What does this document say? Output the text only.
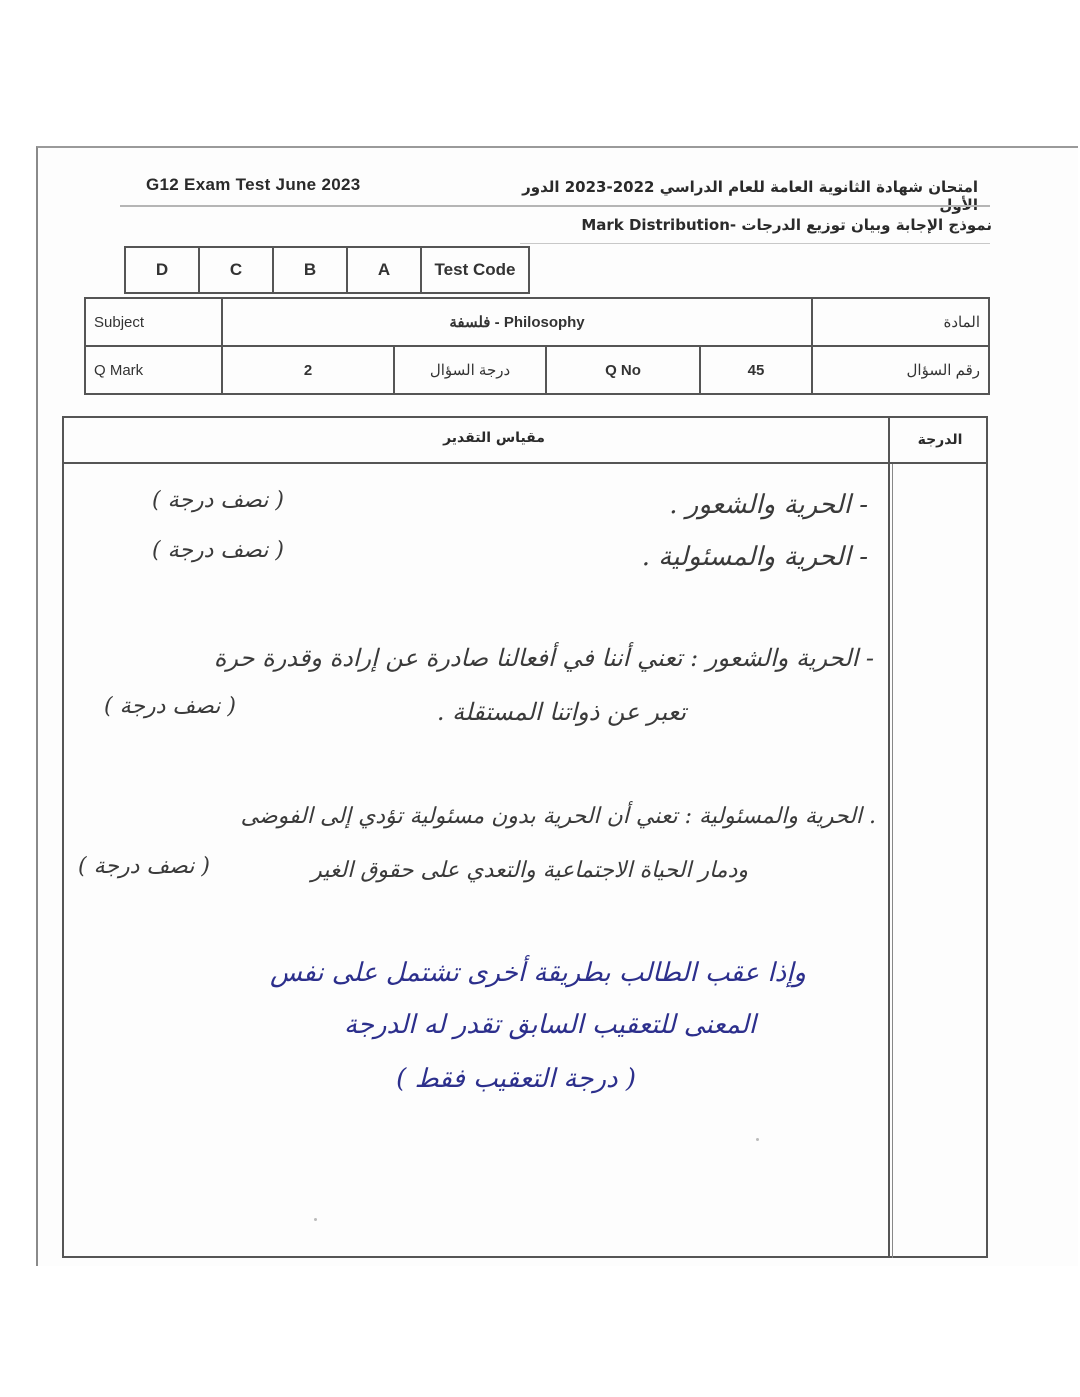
G12 Exam Test June 2023	امتحان شهادة الثانوية العامة للعام الدراسي 2022-2023 الدور الأول
نموذج الإجابة وبيان توزيع الدرجات -Mark Distribution
D	C	B	A	Test Code
Subject	فلسفة - Philosophy				المادة
Q Mark	2	درجة السؤال	Q No	45	رقم السؤال
مقياس التقدير	الدرجة
- الحرية والشعور .
( نصف درجة )
- الحرية والمسئولية .
( نصف درجة )
- الحرية والشعور : تعني أننا في أفعالنا صادرة عن إرادة وقدرة حرة
تعبر عن ذواتنا المستقلة .
( نصف درجة )
. الحرية والمسئولية : تعني أن الحرية بدون مسئولية تؤدي إلى الفوضى
ودمار الحياة الاجتماعية والتعدي على حقوق الغير
( نصف درجة )
وإذا عقب الطالب بطريقة أخرى تشتمل على نفس
المعنى للتعقيب السابق تقدر له الدرجة
( درجة التعقيب فقط )
